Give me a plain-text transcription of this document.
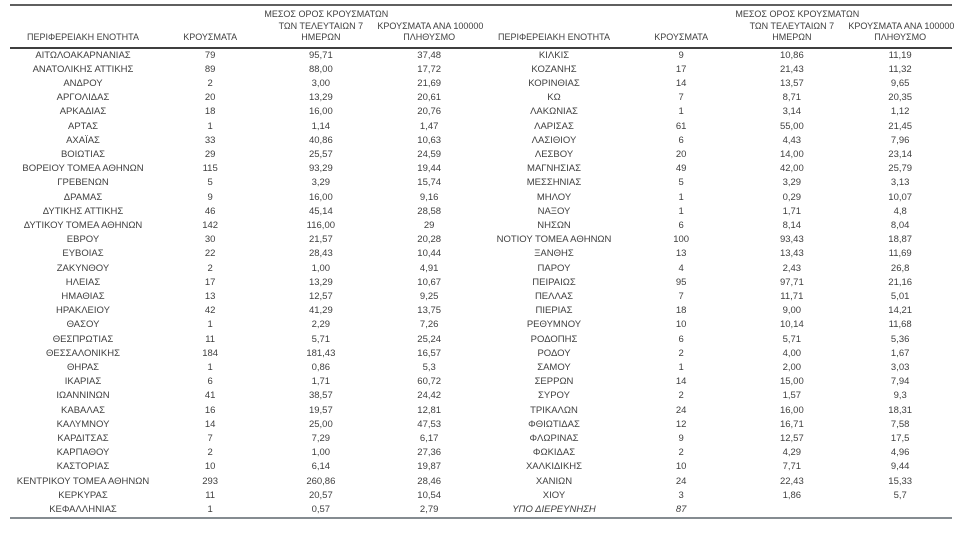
ΠΕΡΙΦΕΡΕΙΑΚΗ ΕΝΟΤΗΤΑ	ΚΡΟΥΣΜΑΤΑ	ΜΕΣΟΣ ΟΡΟΣ ΚΡΟΥΣΜΑΤΩΝ
ΤΩΝ ΤΕΛΕΥΤΑΙΩΝ 7
ΗΜΕΡΩΝ	ΚΡΟΥΣΜΑΤΑ ΑΝΑ 100000
ΠΛΗΘΥΣΜΟ
ΑΙΤΩΛΟΑΚΑΡΝΑΝΙΑΣ	79	95,71	37,48
ΑΝΑΤΟΛΙΚΗΣ ΑΤΤΙΚΗΣ	89	88,00	17,72
ΑΝΔΡΟΥ	2	3,00	21,69
ΑΡΓΟΛΙΔΑΣ	20	13,29	20,61
ΑΡΚΑΔΙΑΣ	18	16,00	20,76
ΑΡΤΑΣ	1	1,14	1,47
ΑΧΑΪΑΣ	33	40,86	10,63
ΒΟΙΩΤΙΑΣ	29	25,57	24,59
ΒΟΡΕΙΟΥ ΤΟΜΕΑ ΑΘΗΝΩΝ	115	93,29	19,44
ΓΡΕΒΕΝΩΝ	5	3,29	15,74
ΔΡΑΜΑΣ	9	16,00	9,16
ΔΥΤΙΚΗΣ ΑΤΤΙΚΗΣ	46	45,14	28,58
ΔΥΤΙΚΟΥ ΤΟΜΕΑ ΑΘΗΝΩΝ	142	116,00	29
ΕΒΡΟΥ	30	21,57	20,28
ΕΥΒΟΙΑΣ	22	28,43	10,44
ΖΑΚΥΝΘΟΥ	2	1,00	4,91
ΗΛΕΙΑΣ	17	13,29	10,67
ΗΜΑΘΙΑΣ	13	12,57	9,25
ΗΡΑΚΛΕΙΟΥ	42	41,29	13,75
ΘΑΣΟΥ	1	2,29	7,26
ΘΕΣΠΡΩΤΙΑΣ	11	5,71	25,24
ΘΕΣΣΑΛΟΝΙΚΗΣ	184	181,43	16,57
ΘΗΡΑΣ	1	0,86	5,3
ΙΚΑΡΙΑΣ	6	1,71	60,72
ΙΩΑΝΝΙΝΩΝ	41	38,57	24,42
ΚΑΒΑΛΑΣ	16	19,57	12,81
ΚΑΛΥΜΝΟΥ	14	25,00	47,53
ΚΑΡΔΙΤΣΑΣ	7	7,29	6,17
ΚΑΡΠΑΘΟΥ	2	1,00	27,36
ΚΑΣΤΟΡΙΑΣ	10	6,14	19,87
ΚΕΝΤΡΙΚΟΥ ΤΟΜΕΑ ΑΘΗΝΩΝ	293	260,86	28,46
ΚΕΡΚΥΡΑΣ	11	20,57	10,54
ΚΕΦΑΛΛΗΝΙΑΣ	1	0,57	2,79
ΠΕΡΙΦΕΡΕΙΑΚΗ ΕΝΟΤΗΤΑ	ΚΡΟΥΣΜΑΤΑ	ΜΕΣΟΣ ΟΡΟΣ ΚΡΟΥΣΜΑΤΩΝ
ΤΩΝ ΤΕΛΕΥΤΑΙΩΝ 7
ΗΜΕΡΩΝ	ΚΡΟΥΣΜΑΤΑ ΑΝΑ 100000
ΠΛΗΘΥΣΜΟ
ΚΙΛΚΙΣ	9	10,86	11,19
ΚΟΖΑΝΗΣ	17	21,43	11,32
ΚΟΡΙΝΘΙΑΣ	14	13,57	9,65
ΚΩ	7	8,71	20,35
ΛΑΚΩΝΙΑΣ	1	3,14	1,12
ΛΑΡΙΣΑΣ	61	55,00	21,45
ΛΑΣΙΘΙΟΥ	6	4,43	7,96
ΛΕΣΒΟΥ	20	14,00	23,14
ΜΑΓΝΗΣΙΑΣ	49	42,00	25,79
ΜΕΣΣΗΝΙΑΣ	5	3,29	3,13
ΜΗΛΟΥ	1	0,29	10,07
ΝΑΞΟΥ	1	1,71	4,8
ΝΗΣΩΝ	6	8,14	8,04
ΝΟΤΙΟΥ ΤΟΜΕΑ ΑΘΗΝΩΝ	100	93,43	18,87
ΞΑΝΘΗΣ	13	13,43	11,69
ΠΑΡΟΥ	4	2,43	26,8
ΠΕΙΡΑΙΩΣ	95	97,71	21,16
ΠΕΛΛΑΣ	7	11,71	5,01
ΠΙΕΡΙΑΣ	18	9,00	14,21
ΡΕΘΥΜΝΟΥ	10	10,14	11,68
ΡΟΔΟΠΗΣ	6	5,71	5,36
ΡΟΔΟΥ	2	4,00	1,67
ΣΑΜΟΥ	1	2,00	3,03
ΣΕΡΡΩΝ	14	15,00	7,94
ΣΥΡΟΥ	2	1,57	9,3
ΤΡΙΚΑΛΩΝ	24	16,00	18,31
ΦΘΙΩΤΙΔΑΣ	12	16,71	7,58
ΦΛΩΡΙΝΑΣ	9	12,57	17,5
ΦΩΚΙΔΑΣ	2	4,29	4,96
ΧΑΛΚΙΔΙΚΗΣ	10	7,71	9,44
ΧΑΝΙΩΝ	24	22,43	15,33
ΧΙΟΥ	3	1,86	5,7
ΥΠΟ ΔΙΕΡΕΥΝΗΣΗ	87		
